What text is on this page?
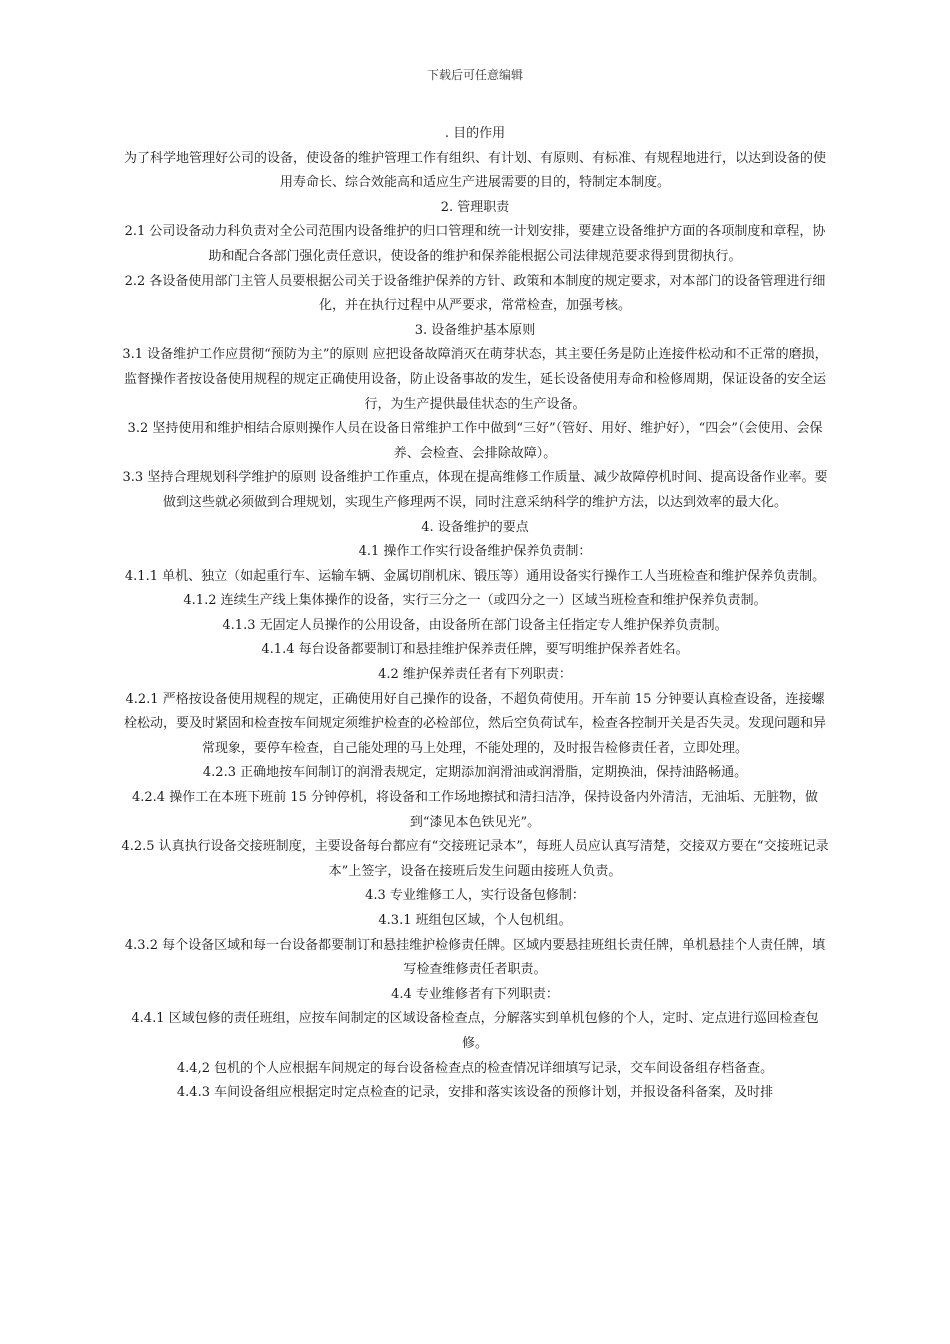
下载后可任意编辑

. 目的作用

为了科学地管理好公司的设备，使设备的维护管理工作有组织、有计划、有原则、有标准、有规程地进行，以达到设备的使用寿命长、综合效能高和适应生产进展需要的目的，特制定本制度。

2. 管理职责

2.1 公司设备动力科负责对全公司范围内设备维护的归口管理和统一计划安排，要建立设备维护方面的各项制度和章程，协助和配合各部门强化责任意识，使设备的维护和保养能根据公司法律规范要求得到贯彻执行。

2.2 各设备使用部门主管人员要根据公司关于设备维护保养的方针、政策和本制度的规定要求，对本部门的设备管理进行细化，并在执行过程中从严要求，常常检查，加强考核。

3. 设备维护基本原则

3.1 设备维护工作应贯彻“预防为主”的原则 应把设备故障消灭在萌芽状态，其主要任务是防止连接件松动和不正常的磨损，监督操作者按设备使用规程的规定正确使用设备，防止设备事故的发生，延长设备使用寿命和检修周期，保证设备的安全运行，为生产提供最佳状态的生产设备。

3.2 坚持使用和维护相结合原则操作人员在设备日常维护工作中做到“三好”（管好、用好、维护好），“四会”（会使用、会保养、会检查、会排除故障）。

3.3 坚持合理规划科学维护的原则 设备维护工作重点，体现在提高维修工作质量、减少故障停机时间、提高设备作业率。要做到这些就必须做到合理规划，实现生产修理两不误，同时注意采纳科学的维护方法，以达到效率的最大化。

4. 设备维护的要点

4.1 操作工作实行设备维护保养负责制：

4.1.1 单机、独立（如起重行车、运输车辆、金属切削机床、锻压等）通用设备实行操作工人当班检查和维护保养负责制。

4.1.2 连续生产线上集体操作的设备，实行三分之一（或四分之一）区域当班检查和维护保养负责制。

4.1.3 无固定人员操作的公用设备，由设备所在部门设备主任指定专人维护保养负责制。

4.1.4 每台设备都要制订和悬挂维护保养责任牌，要写明维护保养者姓名。

4.2 维护保养责任者有下列职责：

4.2.1 严格按设备使用规程的规定，正确使用好自己操作的设备，不超负荷使用。开车前 15 分钟要认真检查设备，连接螺栓松动，要及时紧固和检查按车间规定须维护检查的必检部位，然后空负荷试车，检查各控制开关是否失灵。发现问题和异常现象，要停车检查，自己能处理的马上处理，不能处理的，及时报告检修责任者，立即处理。

4.2.3 正确地按车间制订的润滑表规定，定期添加润滑油或润滑脂，定期换油，保持油路畅通。

4.2.4 操作工在本班下班前 15 分钟停机，将设备和工作场地擦拭和清扫洁净，保持设备内外清洁，无油垢、无脏物，做到“漆见本色铁见光”。

4.2.5 认真执行设备交接班制度，主要设备每台都应有“交接班记录本”，每班人员应认真写清楚，交接双方要在“交接班记录本”上签字，设备在接班后发生问题由接班人负责。

4.3 专业维修工人，实行设备包修制：

4.3.1 班组包区域，个人包机组。

4.3.2 每个设备区域和每一台设备都要制订和悬挂维护检修责任牌。区域内要悬挂班组长责任牌，单机悬挂个人责任牌，填写检查维修责任者职责。

4.4 专业维修者有下列职责：

4.4.1 区域包修的责任班组，应按车间制定的区域设备检查点，分解落实到单机包修的个人，定时、定点进行巡回检查包修。

4.4,2 包机的个人应根据车间规定的每台设备检查点的检查情况详细填写记录，交车间设备组存档备查。

4.4.3 车间设备组应根据定时定点检查的记录，安排和落实该设备的预修计划，并报设备科备案，及时排
